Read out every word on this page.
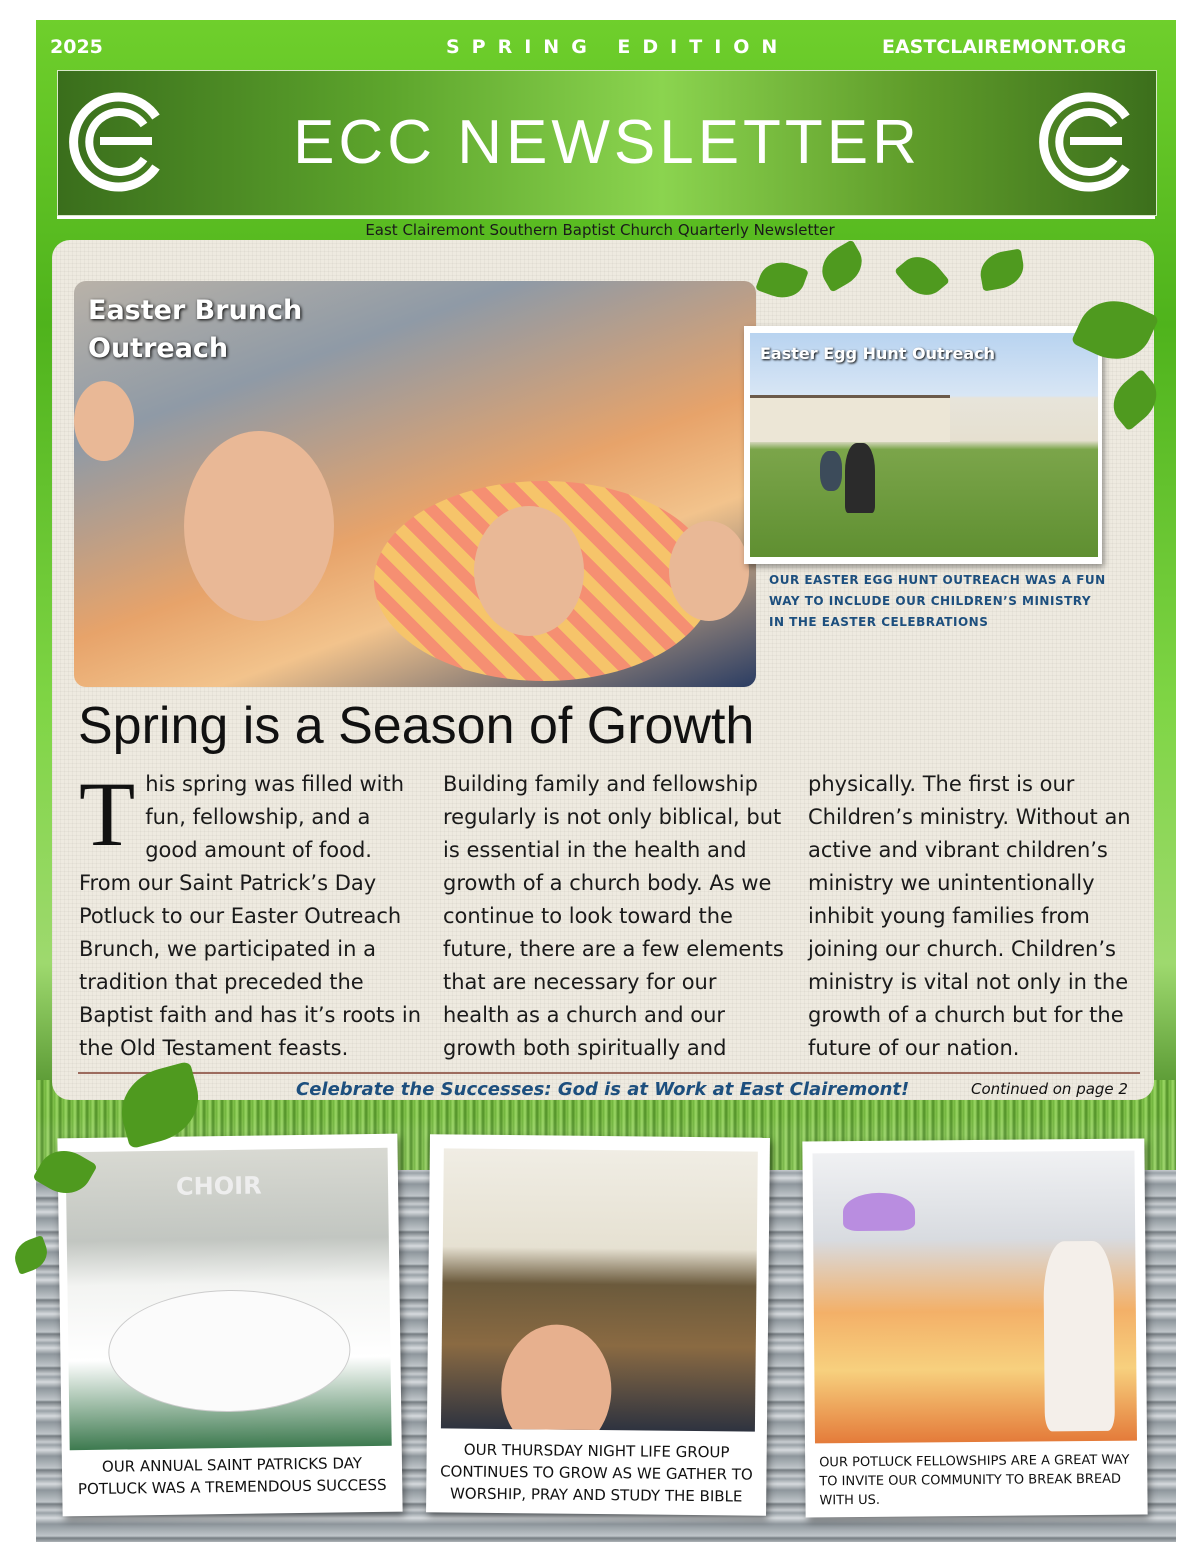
2025	SPRING EDITION	EASTCLAIREMONT.ORG
ECC NEWSLETTER
East Clairemont Southern Baptist Church Quarterly Newsletter
Easter Brunch Outreach	Easter Egg Hunt Outreach
OUR EASTER EGG HUNT OUTREACH WAS A FUN WAY TO INCLUDE OUR CHILDREN’S MINISTRY IN THE EASTER CELEBRATIONS
Spring is a Season of Growth
This spring was filled with fun, fellowship, and a good amount of food. From our Saint Patrick’s Day Potluck to our Easter Outreach Brunch, we participated in a tradition that preceded the Baptist faith and has it’s roots in the Old Testament feasts.
Building family and fellowship regularly is not only biblical, but is essential in the health and growth of a church body. As we continue to look toward the future, there are a few elements that are necessary for our health as a church and our growth both spiritually and
physically. The first is our Children’s ministry. Without an active and vibrant children’s ministry we unintentionally inhibit young families from joining our church. Children’s ministry is vital not only in the growth of a church but for the future of our nation.
Celebrate the Successes: God is at Work at East Clairemont!	Continued on page 2
CHOIR
OUR ANNUAL SAINT PATRICKS DAY POTLUCK WAS A TREMENDOUS SUCCESS
OUR THURSDAY NIGHT LIFE GROUP CONTINUES TO GROW AS WE GATHER TO WORSHIP, PRAY AND STUDY THE BIBLE
OUR POTLUCK FELLOWSHIPS ARE A GREAT WAY TO INVITE OUR COMMUNITY TO BREAK BREAD WITH US.
